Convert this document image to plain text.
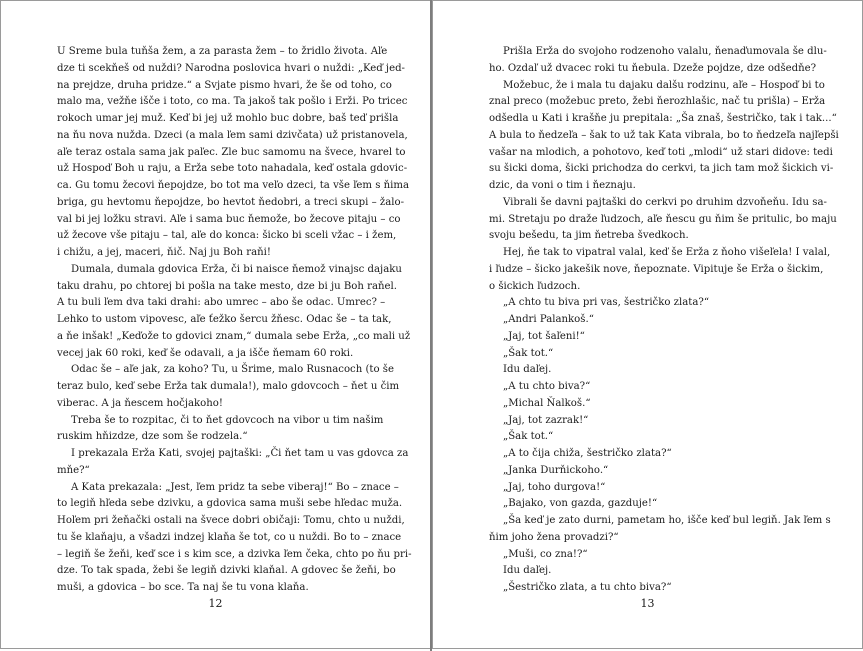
U Sreme bula tuňša žem, a za parasta žem – to žridlo života. Aľe
dze ti scekňeš od nuždi? Narodna poslovica hvari o nuždi: „Keď jed-
na prejdze, druha pridze.“ a Svjate pismo hvari, že še od toho, co
malo ma, vežňe išče i toto, co ma. Ta jakoš tak pošlo i Erži. Po tricec
rokoch umar jej muž. Keď bi jej už mohlo buc dobre, baš teď prišla
na ňu nova nužda. Dzeci (a mala ľem sami dzivčata) už pristanovela,
aľe teraz ostala sama jak paľec. Zle buc samomu na švece, hvarel to
už Hospoď Boh u raju, a Erža sebe toto nahadala, keď ostala gdovic-
ca. Gu tomu žecovi ňepojdze, bo tot ma veľo dzeci, ta vše ľem s ňima
briga, gu hevtomu ňepojdze, bo hevtot ňedobri, a treci skupi – žalo-
val bi jej ložku stravi. Aľe i sama buc ňemože, bo žecove pitaju – co
už žecove vše pitaju – tal, aľe do konca: šicko bi sceli vžac – i žem,
i chižu, a jej, maceri, ňič. Naj ju Boh raňi!
Dumala, dumala gdovica Erža, či bi naisce ňemož vinajsc dajaku
taku drahu, po chtorej bi pošla na take mesto, dze bi ju Boh raňel.
A tu buli ľem dva taki drahi: abo umrec – abo še odac. Umrec? –
Lehko to ustom vipovesc, aľe ťežko šercu žňesc. Odac še – ta tak,
a ňe inšak! „Keďože to gdovici znam,“ dumala sebe Erža, „co mali už
vecej jak 60 roki, keď še odavali, a ja išče ňemam 60 roki.
Odac še – aľe jak, za koho? Tu, u Šrime, malo Rusnacoch (to še
teraz bulo, keď sebe Erža tak dumala!), malo gdovcoch – ňet u čim
viberac. A ja ňescem hočjakoho!
Treba še to rozpitac, či to ňet gdovcoch na vibor u tim našim
ruskim hňizdze, dze som še rodzela.“
I prekazala Erža Kati, svojej pajtaški: „Či ňet tam u vas gdovca za
mňe?“
A Kata prekazala: „Jest, ľem pridz ta sebe viberaj!“ Bo – znace –
to legiň hľeda sebe dzivku, a gdovica sama muši sebe hľedac muža.
Hoľem pri žeňački ostali na švece dobri običaji: Tomu, chto u nuždi,
tu še klaňaju, a všadzi indzej klaňa še tot, co u nuždi. Bo to – znace
– legiň še žeňi, keď sce i s kim sce, a dzivka ľem čeka, chto po ňu pri-
dze. To tak spada, žebi še legiň dzivki klaňal. A gdovec še žeňi, bo
muši, a gdovica – bo sce. Ta naj še tu vona klaňa.
12
Prišla Erža do svojoho rodzenoho valalu, ňenaďumovala še dlu-
ho. Ozdaľ už dvacec roki tu ňebula. Dzeže pojdze, dze odšedňe?
Možebuc, že i mala tu dajaku dalšu rodzinu, aľe – Hospoď bi to
znal preco (možebuc preto, žebi ňerozhlašic, nač tu prišla) – Erža
odšedla u Kati i krašňe ju prepitala: „Ša znaš, šestričko, tak i tak...“
A bula to ňedzeľa – šak to už tak Kata vibrala, bo to ňedzeľa najľepši
vašar na mlodich, a pohotovo, keď toti „mlodi“ už stari didove: tedi
su šicki doma, šicki prichodza do cerkvi, ta jich tam mož šickich vi-
dzic, da voni o tim i ňeznaju.
Vibrali še davni pajtaški do cerkvi po druhim dzvoňeňu. Idu sa-
mi. Stretaju po draže ľudzoch, aľe ňescu gu ňim še pritulic, bo maju
svoju bešedu, ta jim ňetreba švedkoch.
Hej, ňe tak to vipatral valal, keď še Erža z ňoho višeľela! I valal,
i ľudze – šicko jakešik nove, ňepoznate. Vipituje še Erža o šickim,
o šickich ľudzoch.
„A chto tu biva pri vas, šestričko zlata?“
„Andri Palankoš.“
„Jaj, tot šaľeni!“
„Šak tot.“
Idu daľej.
„A tu chto biva?“
„Michal Ňalkoš.“
„Jaj, tot zazrak!“
„Šak tot.“
„A to čija chiža, šestričko zlata?“
„Janka Durňickoho.“
„Jaj, toho durgova!“
„Bajako, von gazda, gazduje!“
„Ša keď je zato durni, pametam ho, išče keď bul legiň. Jak ľem s
ňim joho žena provadzi?“
„Muši, co zna!?“
Idu daľej.
„Šestričko zlata, a tu chto biva?“
13
